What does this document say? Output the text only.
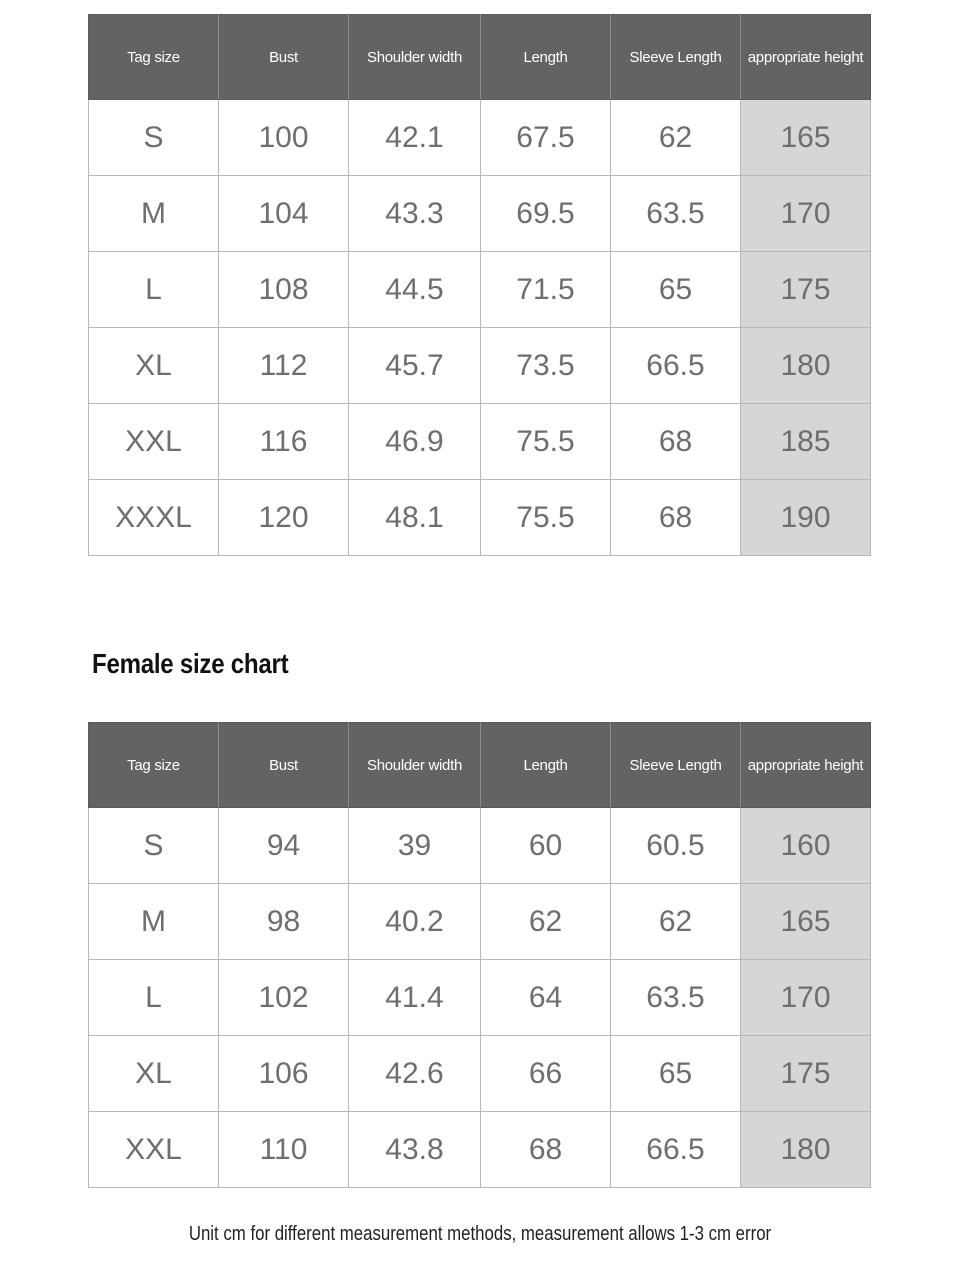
Tag size	Bust	Shoulder width	Length	Sleeve Length	appropriate height
S	100	42.1	67.5	62	165
M	104	43.3	69.5	63.5	170
L	108	44.5	71.5	65	175
XL	112	45.7	73.5	66.5	180
XXL	116	46.9	75.5	68	185
XXXL	120	48.1	75.5	68	190
Female size chart
Tag size	Bust	Shoulder width	Length	Sleeve Length	appropriate height
S	94	39	60	60.5	160
M	98	40.2	62	62	165
L	102	41.4	64	63.5	170
XL	106	42.6	66	65	175
XXL	110	43.8	68	66.5	180
Unit cm for different measurement methods, measurement allows 1-3 cm error
